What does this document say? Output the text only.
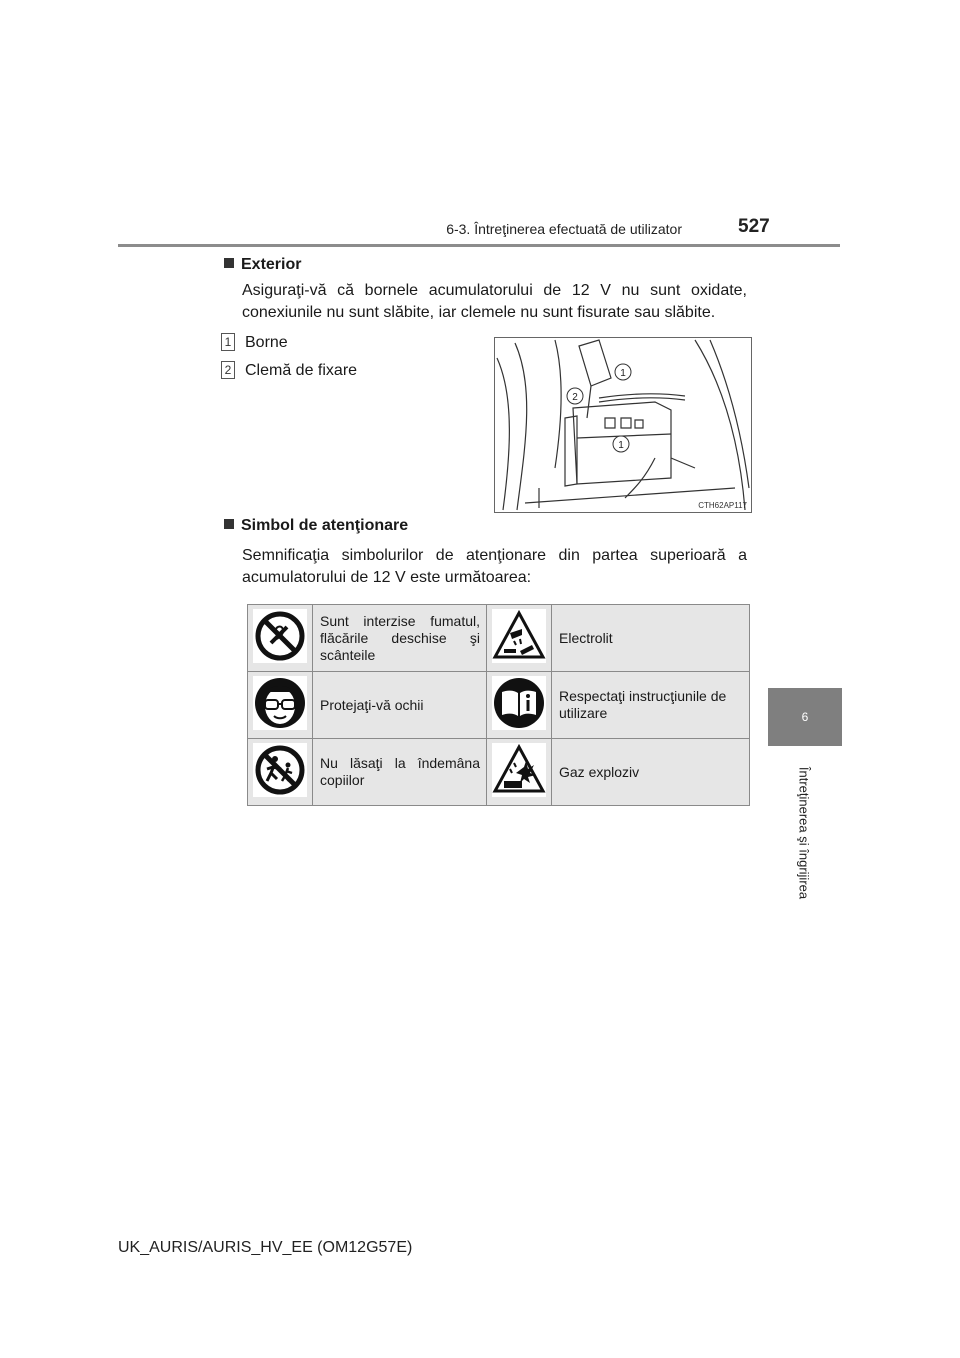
6-3. Întreţinerea efectuată de utilizator	527
6
Întreţinerea şi îngrijirea
Exterior
Asiguraţi-vă că bornele acumulatorului de 12 V nu sunt oxidate, conexiunile nu sunt slăbite, iar clemele nu sunt fisurate sau slăbite.
1 Borne
2 Clemă de fixare	1
2
1
CTH62AP117
Simbol de atenţionare
Semnificaţia simbolurilor de atenţionare din partea superioară a acumulatorului de 12 V este următoarea:
	Sunt interzise fumatul, flăcările deschise şi scânteile		Electrolit
	Protejaţi-vă ochii		Respectaţi instrucţiunile de utilizare
	Nu lăsaţi la îndemâna copiilor		Gaz exploziv
UK_AURIS/AURIS_HV_EE (OM12G57E)
